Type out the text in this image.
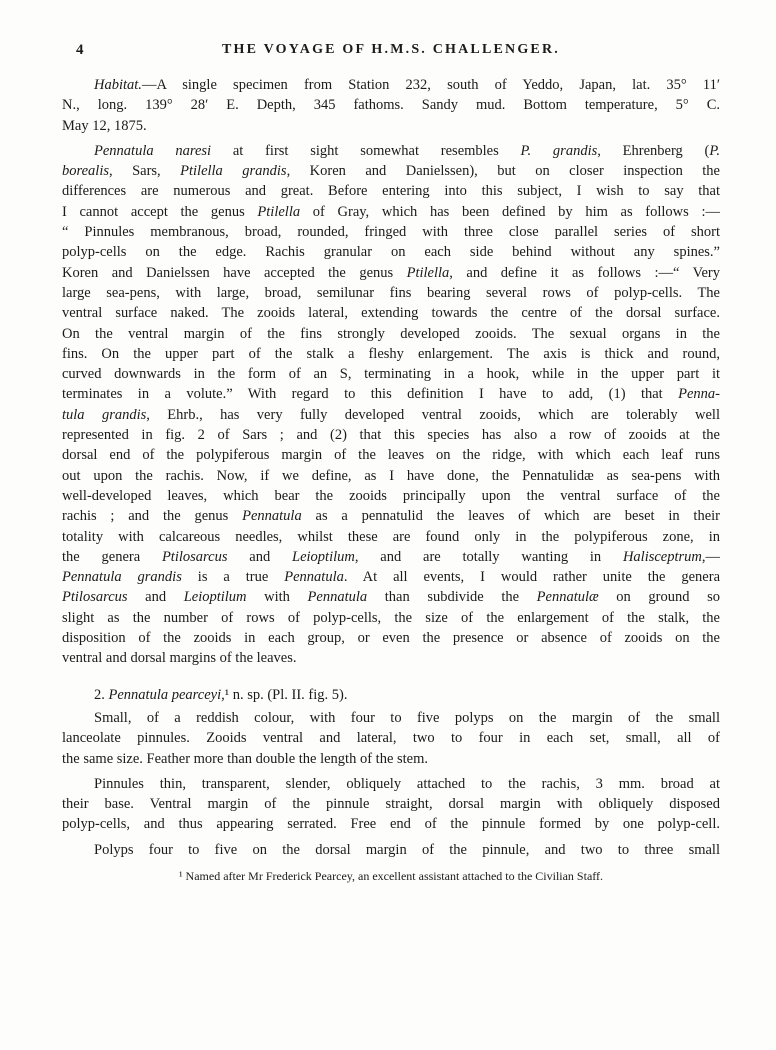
4	THE VOYAGE OF H.M.S. CHALLENGER.
Habitat.—A single specimen from Station 232, south of Yeddo, Japan, lat. 35° 11′
N., long. 139° 28′ E. Depth, 345 fathoms. Sandy mud. Bottom temperature, 5° C.
May 12, 1875.
Pennatula naresi at first sight somewhat resembles P. grandis, Ehrenberg (P.
borealis, Sars, Ptilella grandis, Koren and Danielssen), but on closer inspection the
differences are numerous and great. Before entering into this subject, I wish to say that
I cannot accept the genus Ptilella of Gray, which has been defined by him as follows :—
“ Pinnules membranous, broad, rounded, fringed with three close parallel series of short
polyp-cells on the edge. Rachis granular on each side behind without any spines.”
Koren and Danielssen have accepted the genus Ptilella, and define it as follows :—“ Very
large sea-pens, with large, broad, semilunar fins bearing several rows of polyp-cells. The
ventral surface naked. The zooids lateral, extending towards the centre of the dorsal surface.
On the ventral margin of the fins strongly developed zooids. The sexual organs in the
fins. On the upper part of the stalk a fleshy enlargement. The axis is thick and round,
curved downwards in the form of an S, terminating in a hook, while in the upper part it
terminates in a volute.” With regard to this definition I have to add, (1) that Penna-
tula grandis, Ehrb., has very fully developed ventral zooids, which are tolerably well
represented in fig. 2 of Sars ; and (2) that this species has also a row of zooids at the
dorsal end of the polypiferous margin of the leaves on the ridge, with which each leaf runs
out upon the rachis. Now, if we define, as I have done, the Pennatulidæ as sea-pens with
well-developed leaves, which bear the zooids principally upon the ventral surface of the
rachis ; and the genus Pennatula as a pennatulid the leaves of which are beset in their
totality with calcareous needles, whilst these are found only in the polypiferous zone, in
the genera Ptilosarcus and Leioptilum, and are totally wanting in Halisceptrum,—
Pennatula grandis is a true Pennatula. At all events, I would rather unite the genera
Ptilosarcus and Leioptilum with Pennatula than subdivide the Pennatulæ on ground so
slight as the number of rows of polyp-cells, the size of the enlargement of the stalk, the
disposition of the zooids in each group, or even the presence or absence of zooids on the
ventral and dorsal margins of the leaves.
2. Pennatula pearceyi,¹ n. sp. (Pl. II. fig. 5).
Small, of a reddish colour, with four to five polyps on the margin of the small
lanceolate pinnules. Zooids ventral and lateral, two to four in each set, small, all of
the same size. Feather more than double the length of the stem.
Pinnules thin, transparent, slender, obliquely attached to the rachis, 3 mm. broad at
their base. Ventral margin of the pinnule straight, dorsal margin with obliquely disposed
polyp-cells, and thus appearing serrated. Free end of the pinnule formed by one polyp-cell.
Polyps four to five on the dorsal margin of the pinnule, and two to three small
¹ Named after Mr Frederick Pearcey, an excellent assistant attached to the Civilian Staff.
